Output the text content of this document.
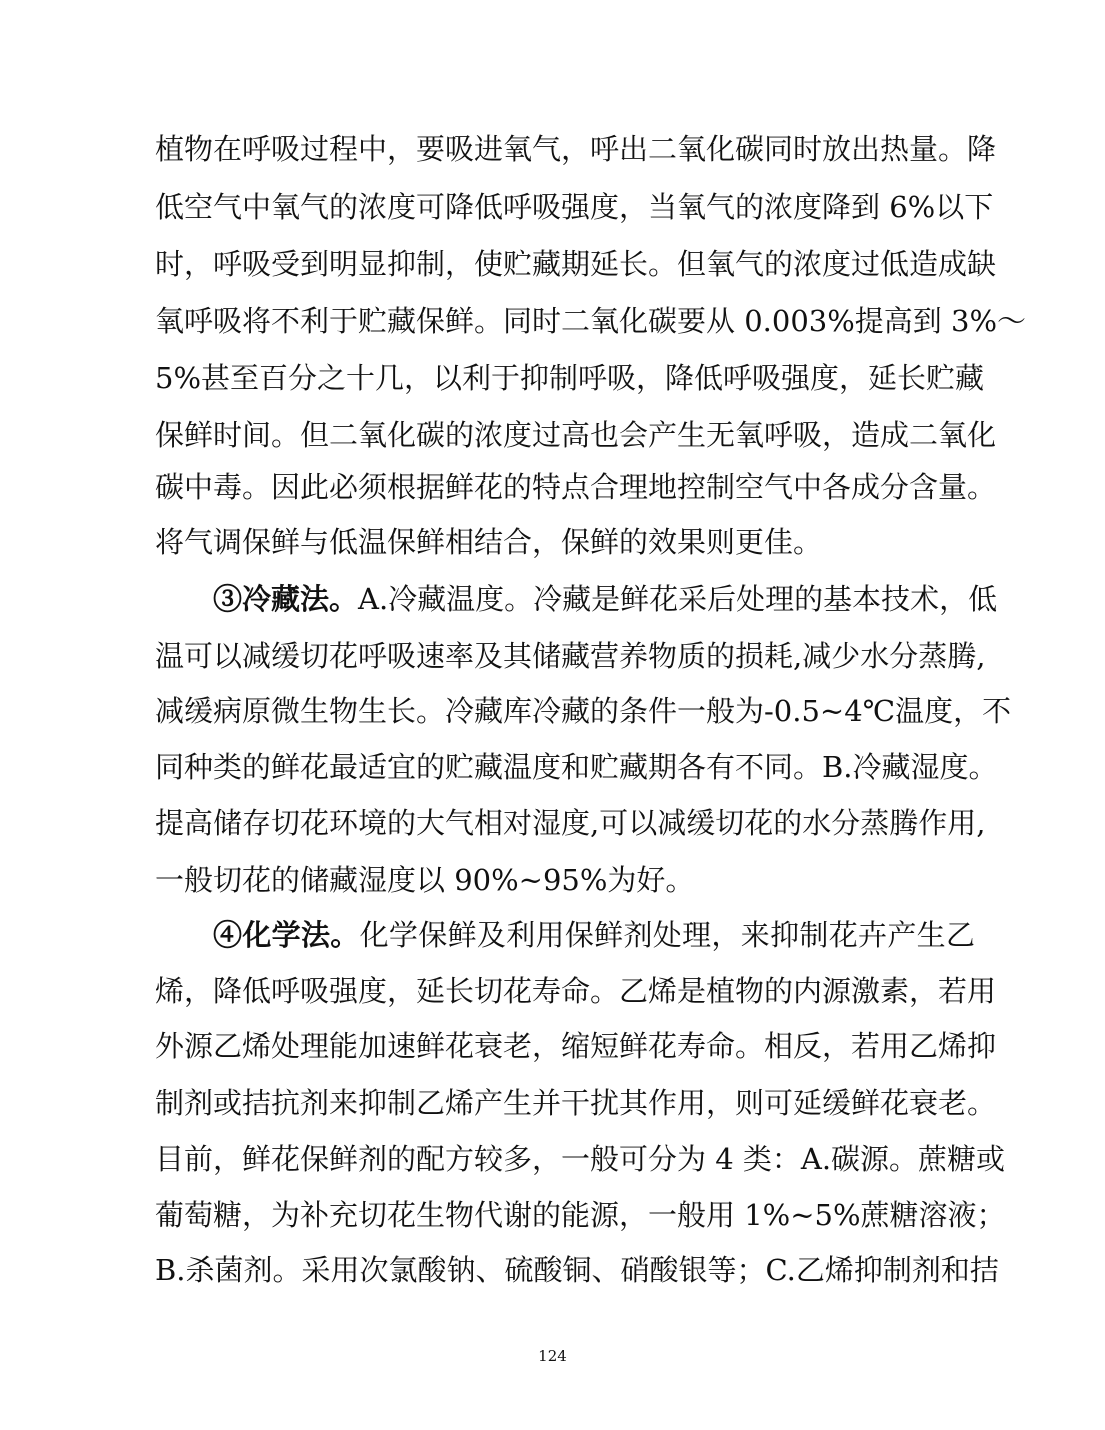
植物在呼吸过程中，要吸进氧气，呼出二氧化碳同时放出热量。降
低空气中氧气的浓度可降低呼吸强度，当氧气的浓度降到 6%以下
时，呼吸受到明显抑制，使贮藏期延长。但氧气的浓度过低造成缺
氧呼吸将不利于贮藏保鲜。同时二氧化碳要从 0.003%提高到 3%～
5%甚至百分之十几，以利于抑制呼吸，降低呼吸强度，延长贮藏
保鲜时间。但二氧化碳的浓度过高也会产生无氧呼吸，造成二氧化
碳中毒。因此必须根据鲜花的特点合理地控制空气中各成分含量。
将气调保鲜与低温保鲜相结合，保鲜的效果则更佳。
③冷藏法。A.冷藏温度。冷藏是鲜花采后处理的基本技术，低
温可以减缓切花呼吸速率及其储藏营养物质的损耗,减少水分蒸腾,
减缓病原微生物生长。冷藏库冷藏的条件一般为-0.5~4℃温度，不
同种类的鲜花最适宜的贮藏温度和贮藏期各有不同。B.冷藏湿度。
提高储存切花环境的大气相对湿度,可以减缓切花的水分蒸腾作用,
一般切花的储藏湿度以 90%~95%为好。
④化学法。化学保鲜及利用保鲜剂处理，来抑制花卉产生乙
烯，降低呼吸强度，延长切花寿命。乙烯是植物的内源激素，若用
外源乙烯处理能加速鲜花衰老，缩短鲜花寿命。相反，若用乙烯抑
制剂或拮抗剂来抑制乙烯产生并干扰其作用，则可延缓鲜花衰老。
目前，鲜花保鲜剂的配方较多，一般可分为 4 类：A.碳源。蔗糖或
葡萄糖，为补充切花生物代谢的能源，一般用 1%~5%蔗糖溶液；
B.杀菌剂。采用次氯酸钠、硫酸铜、硝酸银等；C.乙烯抑制剂和拮
124
